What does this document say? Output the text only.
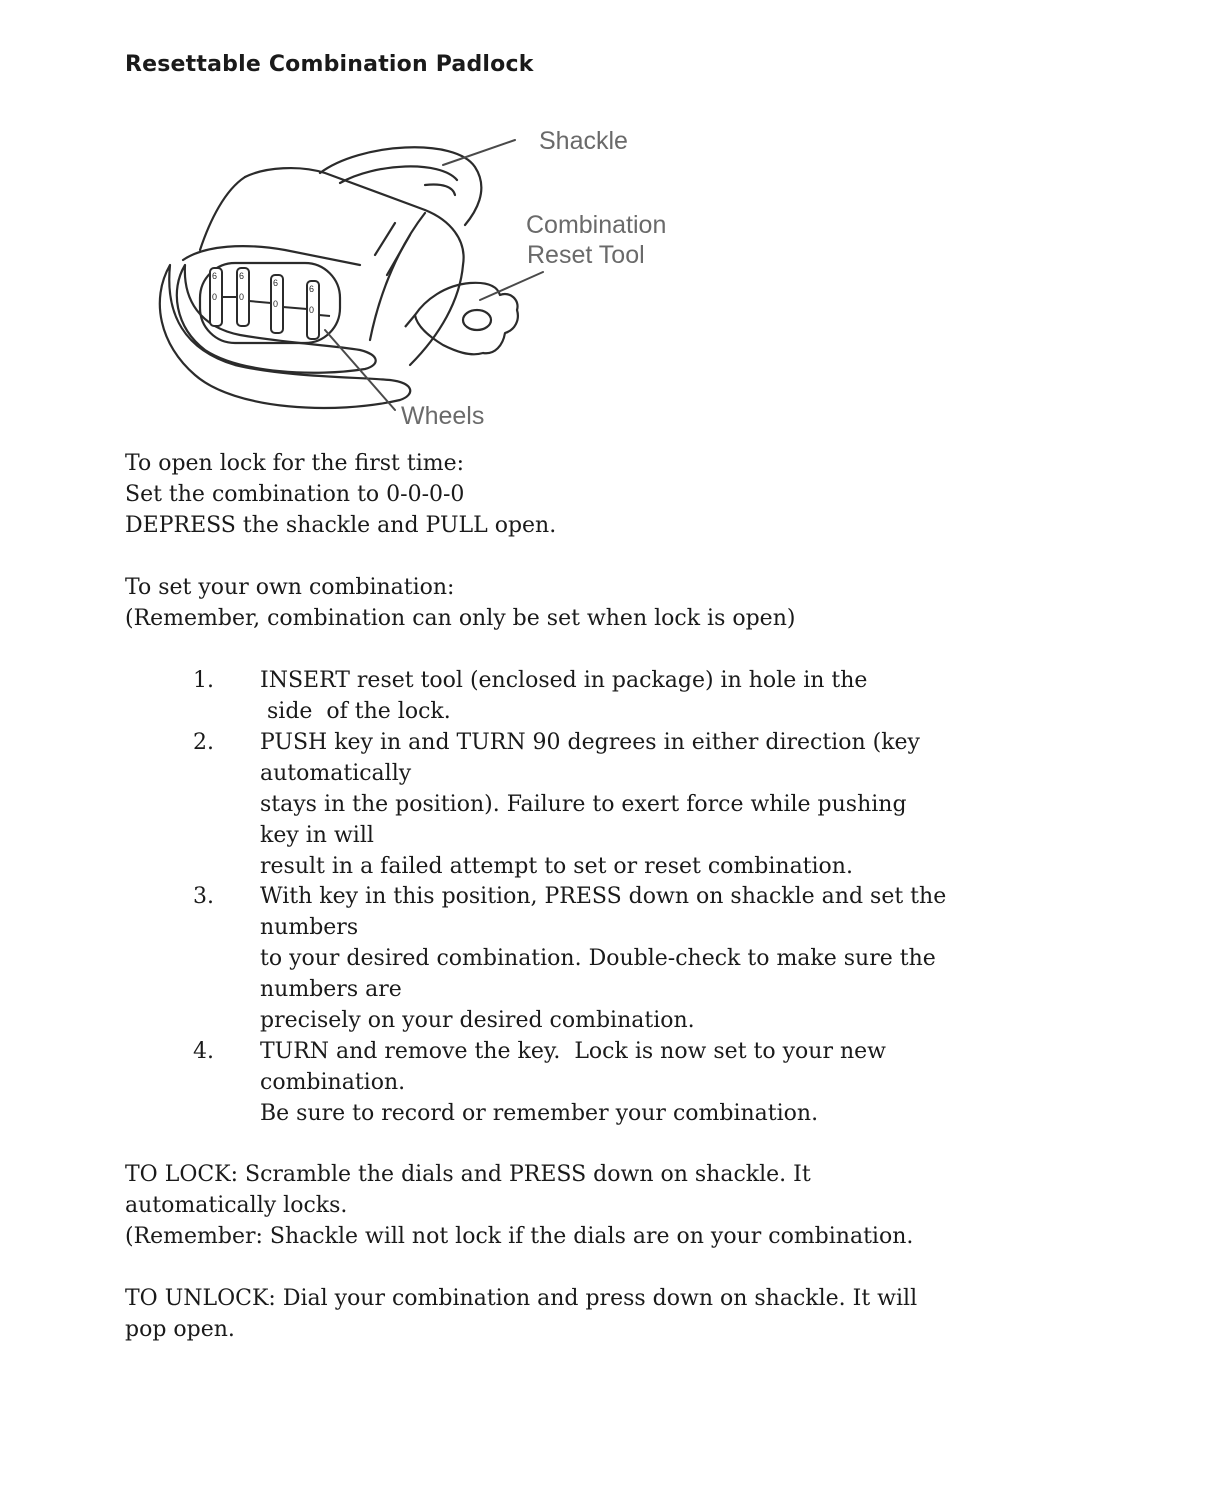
Resettable Combination Padlock
6
0
6
0
6
0
6
0
Shackle
Combination
Reset Tool
Wheels
To open lock for the first time:
Set the combination to 0-0-0-0
DEPRESS the shackle and PULL open.
To set your own combination:
(Remember, combination can only be set when lock is open)
1. INSERT reset tool (enclosed in package) in hole in the
side  of the lock.
2. PUSH key in and TURN 90 degrees in either direction (key
automatically
stays in the position). Failure to exert force while pushing
key in will
result in a failed attempt to set or reset combination.
3. With key in this position, PRESS down on shackle and set the
numbers
to your desired combination. Double-check to make sure the
numbers are
precisely on your desired combination.
4. TURN and remove the key.  Lock is now set to your new
combination.
Be sure to record or remember your combination.
TO LOCK: Scramble the dials and PRESS down on shackle. It
automatically locks.
(Remember: Shackle will not lock if the dials are on your combination.
TO UNLOCK: Dial your combination and press down on shackle. It will
pop open.
